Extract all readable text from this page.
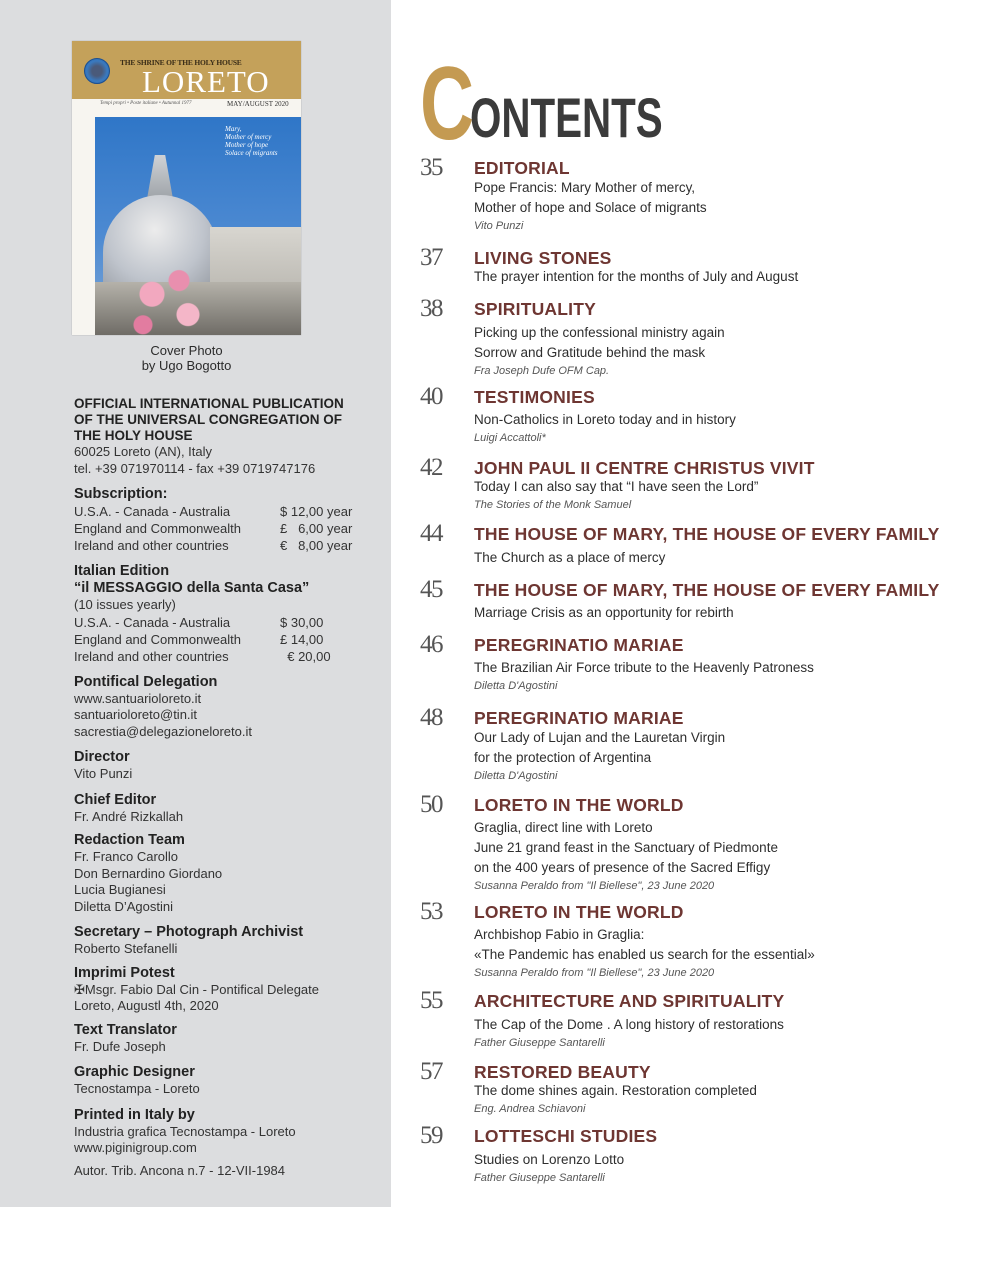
THE SHRINE OF THE HOLY HOUSE
LORETO
Tempi propri • Poste italiane • Autunnal 1977	MAY/AUGUST 2020
Mary,
Mother of mercy
Mother of hope
Solace of migrants
Cover Photo
by Ugo Bogotto
OFFICIAL INTERNATIONAL PUBLICATION
OF THE UNIVERSAL CONGREGATION OF
THE HOLY HOUSE
60025 Loreto (AN), Italy
tel. +39 071970114 - fax +39 0719747176
Subscription:
U.S.A. - Canada - Australia	$ 12,00 year
England and Commonwealth	£   6,00 year
Ireland and other countries	€   8,00 year
Italian Edition
“il MESSAGGIO della Santa Casa”
(10 issues yearly)
U.S.A. - Canada - Australia	$ 30,00
England and Commonwealth	£ 14,00
Ireland and other countries	€ 20,00
Pontifical Delegation
www.santuarioloreto.it
santuarioloreto@tin.it
sacrestia@delegazioneloreto.it
Director
Vito Punzi
Chief Editor
Fr. André Rizkallah
Redaction Team
Fr. Franco Carollo
Don Bernardino Giordano
Lucia Bugianesi
Diletta D’Agostini
Secretary – Photograph Archivist
Roberto Stefanelli
Imprimi Potest
✠Msgr. Fabio Dal Cin - Pontifical Delegate
Loreto, Augustl 4th, 2020
Text Translator
Fr. Dufe Joseph
Graphic Designer
Tecnostampa - Loreto
Printed in Italy by
Industria grafica Tecnostampa - Loreto
www.piginigroup.com
Autor. Trib. Ancona n.7 - 12-VII-1984
C
ONTENTS
35 EDITORIAL
Pope Francis: Mary Mother of mercy,
Mother of hope and Solace of migrants
Vito Punzi
37 LIVING STONES
The prayer intention for the months of July and August
38 SPIRITUALITY
Picking up the confessional ministry again
Sorrow and Gratitude behind the mask
Fra Joseph Dufe OFM Cap.
40 TESTIMONIES
Non-Catholics in Loreto today and in history
Luigi Accattoli*
42 JOHN PAUL II CENTRE CHRISTUS VIVIT
Today I can also say that “I have seen the Lord”
The Stories of the Monk Samuel
44 THE HOUSE OF MARY, THE HOUSE OF EVERY FAMILY
The Church as a place of mercy
45 THE HOUSE OF MARY, THE HOUSE OF EVERY FAMILY
Marriage Crisis as an opportunity for rebirth
46 PEREGRINATIO MARIAE
The Brazilian Air Force tribute to the Heavenly Patroness
Diletta D'Agostini
48 PEREGRINATIO MARIAE
Our Lady of Lujan and the Lauretan Virgin
for the protection of Argentina
Diletta D'Agostini
50 LORETO IN THE WORLD
Graglia, direct line with Loreto
June 21 grand feast in the Sanctuary of Piedmonte
on the 400 years of presence of the Sacred Effigy
Susanna Peraldo from "Il Biellese", 23 June 2020
53 LORETO IN THE WORLD
Archbishop Fabio in Graglia:
«The Pandemic has enabled us search for the essential»
Susanna Peraldo from "Il Biellese", 23 June 2020
55 ARCHITECTURE AND SPIRITUALITY
The Cap of the Dome . A long history of restorations
Father Giuseppe Santarelli
57 RESTORED BEAUTY
The dome shines again. Restoration completed
Eng. Andrea Schiavoni
59 LOTTESCHI STUDIES
Studies on Lorenzo Lotto
Father Giuseppe Santarelli
